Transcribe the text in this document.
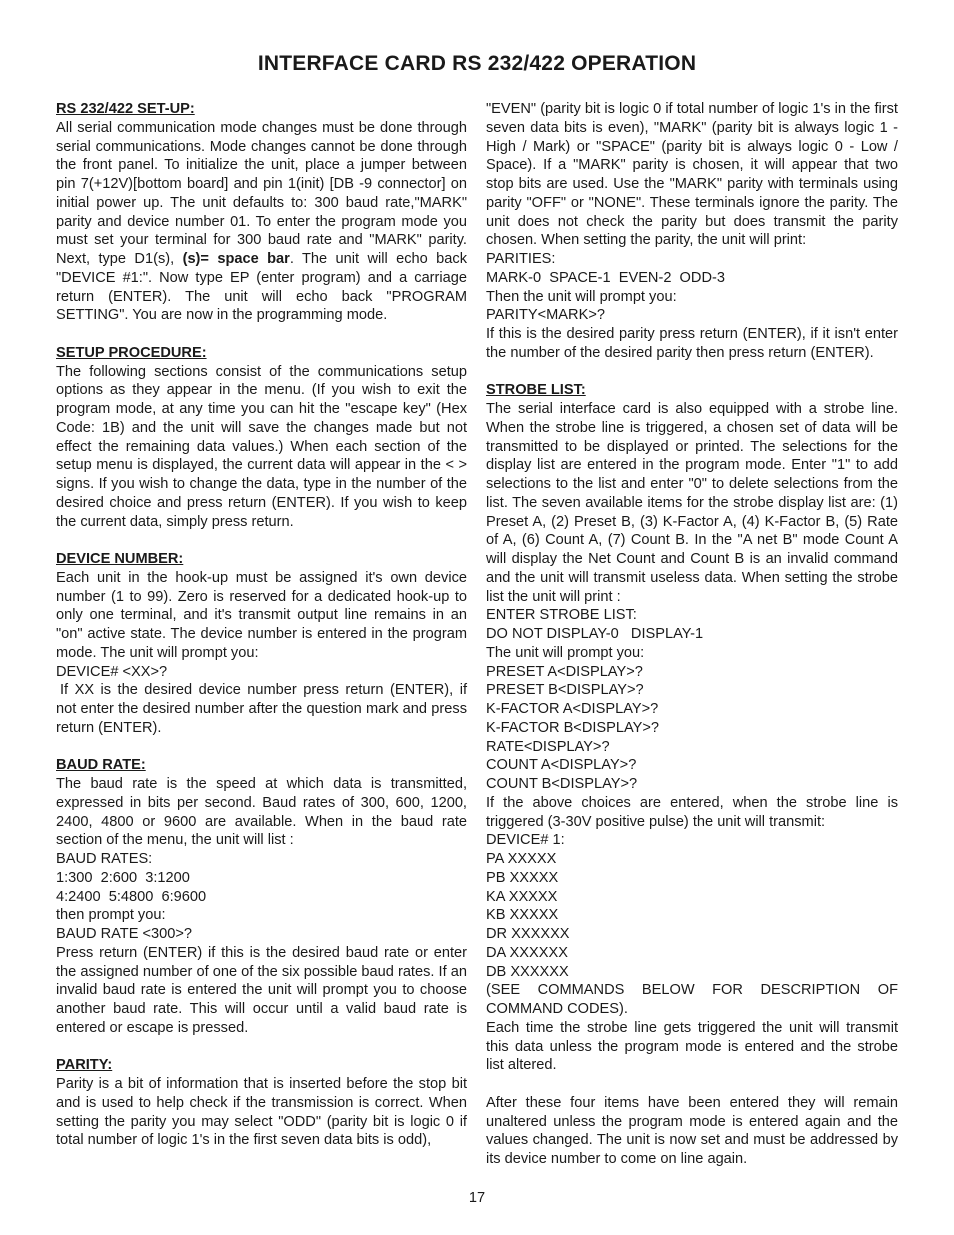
INTERFACE CARD RS 232/422 OPERATION
RS 232/422 SET-UP:

All serial communication mode changes must be done through serial communications. Mode changes cannot be done through the front panel. To initialize the unit, place a jumper between pin 7(+12V)[bottom board] and pin 1(init) [DB -9 connector] on initial power up. The unit defaults to: 300 baud rate,"MARK" parity and device number 01. To enter the program mode you must set your terminal for 300 baud rate and "MARK" parity. Next, type D1(s), (s)= space bar. The unit will echo back "DEVICE #1:". Now type EP (enter program) and a carriage return (ENTER). The unit will echo back "PROGRAM SETTING". You are now in the programming mode.

SETUP PROCEDURE:

The following sections consist of the communications setup options as they appear in the menu. (If you wish to exit the program mode, at any time you can hit the "escape key" (Hex Code: 1B) and the unit will save the changes made but not effect the remaining data values.) When each section of the setup menu is displayed, the current data will appear in the < > signs. If you wish to change the data, type in the number of the desired choice and press return (ENTER). If you wish to keep the current data, simply press return.

DEVICE NUMBER:

Each unit in the hook-up must be assigned it's own device number (1 to 99). Zero is reserved for a dedicated hook-up to only one terminal, and it's transmit output line remains in an "on" active state. The device number is entered in the program mode. The unit will prompt you:

DEVICE# <XX>?

If XX is the desired device number press return (ENTER), if not enter the desired number after the question mark and press return (ENTER).

BAUD RATE:

The baud rate is the speed at which data is transmitted, expressed in bits per second. Baud rates of 300, 600, 1200, 2400, 4800 or 9600 are available. When in the baud rate section of the menu, the unit will list :

BAUD RATES:

1:300  2:600  3:1200

4:2400  5:4800  6:9600

then prompt you:

BAUD RATE <300>?

Press return (ENTER) if this is the desired baud rate or enter the assigned number of one of the six possible baud rates. If an invalid baud rate is entered the unit will prompt you to choose another baud rate. This will occur until a valid baud rate is entered or escape is pressed.

PARITY:

Parity is a bit of information that is inserted before the stop bit and is used to help check if the transmission is correct. When setting the parity you may select "ODD" (parity bit is logic 0 if total number of logic 1's in the first seven data bits is odd),

"EVEN" (parity bit is logic 0 if total number of logic 1's in the first seven data bits is even), "MARK" (parity bit is always logic 1 - High / Mark) or "SPACE" (parity bit is always logic 0 - Low / Space). If a "MARK" parity is chosen, it will appear that two stop bits are used. Use the "MARK" parity with terminals using parity "OFF" or "NONE". These terminals ignore the parity. The unit does not check the parity but does transmit the parity chosen. When setting the parity, the unit will print:

PARITIES:

MARK-0  SPACE-1  EVEN-2  ODD-3

Then the unit will prompt you:

PARITY<MARK>?

If this is the desired parity press return (ENTER), if it isn't enter the number of the desired parity then press return (ENTER).

STROBE LIST:

The serial interface card is also equipped with a strobe line. When the strobe line is triggered, a chosen set of data will be transmitted to be displayed or printed. The selections for the display list are entered in the program mode. Enter "1" to add selections to the list and enter "0" to delete selections from the list. The seven available items for the strobe display list are: (1) Preset A, (2) Preset B, (3) K-Factor A, (4) K-Factor B, (5) Rate of A, (6) Count A, (7) Count B. In the "A net B" mode Count A will display the Net Count and Count B is an invalid command and the unit will transmit useless data. When setting the strobe list the unit will print :

ENTER STROBE LIST:

DO NOT DISPLAY-0   DISPLAY-1

The unit will prompt you:

PRESET A<DISPLAY>?

PRESET B<DISPLAY>?

K-FACTOR A<DISPLAY>?

K-FACTOR B<DISPLAY>?

RATE<DISPLAY>?

COUNT A<DISPLAY>?

COUNT B<DISPLAY>?

If the above choices are entered, when the strobe line is triggered (3-30V positive pulse) the unit will transmit:

DEVICE# 1:

PA XXXXX

PB XXXXX

KA XXXXX

KB XXXXX

DR XXXXXX

DA XXXXXX

DB XXXXXX

(SEE COMMANDS BELOW FOR DESCRIPTION OF COMMAND CODES).

Each time the strobe line gets triggered the unit will transmit this data unless the program mode is entered and the strobe list altered.

After these four items have been entered they will remain unaltered unless the program mode is entered again and the values changed. The unit is now set and must be addressed by its device number to come on line again.

17
